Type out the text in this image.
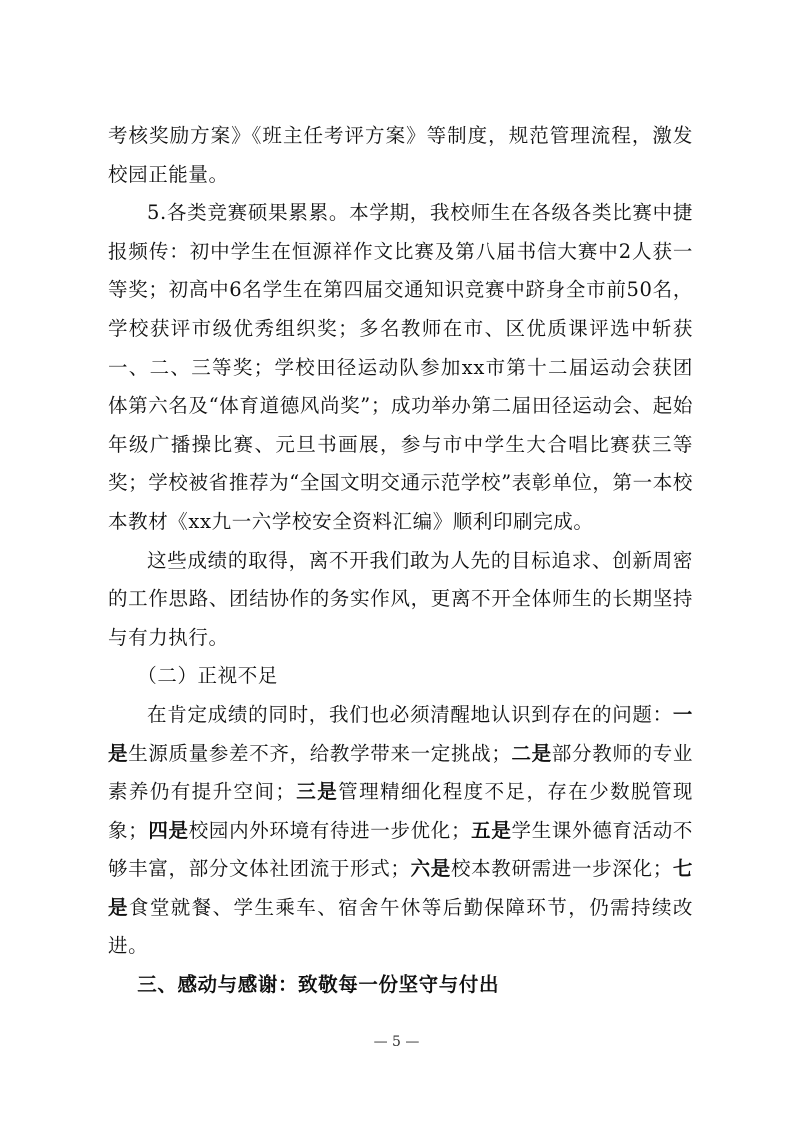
考核奖励方案》《班主任考评方案》等制度，规范管理流程，激发校园正能量。

5.各类竞赛硕果累累。本学期，我校师生在各级各类比赛中捷报频传：初中学生在恒源祥作文比赛及第八届书信大赛中2人获一等奖；初高中6名学生在第四届交通知识竞赛中跻身全市前50名，学校获评市级优秀组织奖；多名教师在市、区优质课评选中斩获一、二、三等奖；学校田径运动队参加xx市第十二届运动会获团体第六名及“体育道德风尚奖”；成功举办第二届田径运动会、起始年级广播操比赛、元旦书画展，参与市中学生大合唱比赛获三等奖；学校被省推荐为“全国文明交通示范学校”表彰单位，第一本校本教材《xx九一六学校安全资料汇编》顺利印刷完成。

这些成绩的取得，离不开我们敢为人先的目标追求、创新周密的工作思路、团结协作的务实作风，更离不开全体师生的长期坚持与有力执行。

（二）正视不足

在肯定成绩的同时，我们也必须清醒地认识到存在的问题：一是生源质量参差不齐，给教学带来一定挑战；二是部分教师的专业素养仍有提升空间；三是管理精细化程度不足，存在少数脱管现象；四是校园内外环境有待进一步优化；五是学生课外德育活动不够丰富，部分文体社团流于形式；六是校本教研需进一步深化；七是食堂就餐、学生乘车、宿舍午休等后勤保障环节，仍需持续改进。

三、感动与感谢：致敬每一份坚守与付出

— 5 —
